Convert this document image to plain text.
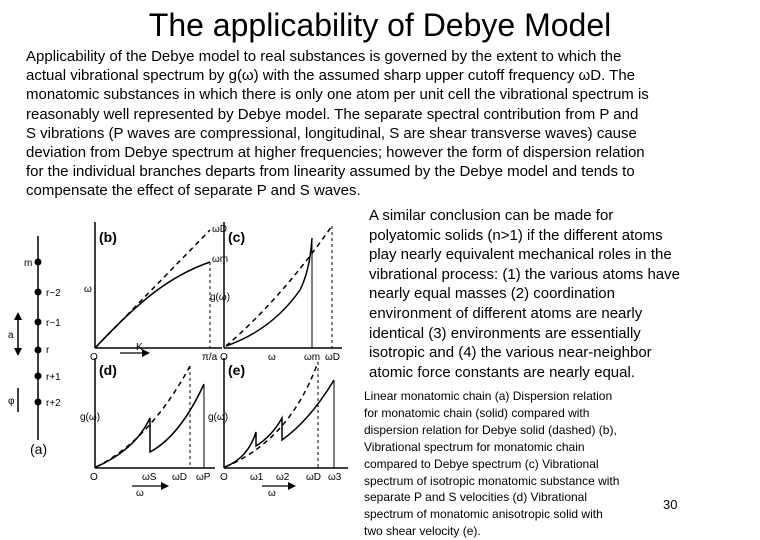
The applicability of Debye Model
Applicability of the Debye model to real substances is governed by the extent to which the
actual vibrational spectrum by g(ω) with the assumed sharp upper cutoff frequency ωD. The
monatomic substances in which there is only one atom per unit cell the vibrational spectrum is
reasonably well represented by Debye model. The separate spectral contribution from P and
S vibrations (P waves are compressional, longitudinal, S are shear transverse waves) cause
deviation from Debye spectrum at higher frequencies; however the form of dispersion relation
for the individual branches departs from linearity assumed by the Debye model and tends to
compensate the effect of separate P and S waves.
(b)	(c)
(d)	(e)
(a)
m
a
φ
r−2
r−1
r
r+1
r+2
ω
ωD
ωm
O
K
π/a
g(ω)
O	ω	ωm ωD
g(ω)
O	ωS ωD ωP
ω
g(ω)
O ω1 ω2 ωD ω3
ω
A similar conclusion can be made for
polyatomic solids (n>1) if the different atoms
play nearly equivalent mechanical roles in the
vibrational process: (1) the various atoms have
nearly equal masses (2) coordination
environment of different atoms are nearly
identical (3) environments are essentially
isotropic and (4) the various near-neighbor
atomic force constants are nearly equal.
Linear monatomic chain (a) Dispersion relation
for monatomic chain (solid) compared with
dispersion relation for Debye solid (dashed) (b),
Vibrational spectrum for monatomic chain
compared to Debye spectrum (c) Vibrational
spectrum of isotropic monatomic substance with
separate P and S velocities (d) Vibrational
spectrum of monatomic anisotropic solid with
two shear velocity (e).
30
